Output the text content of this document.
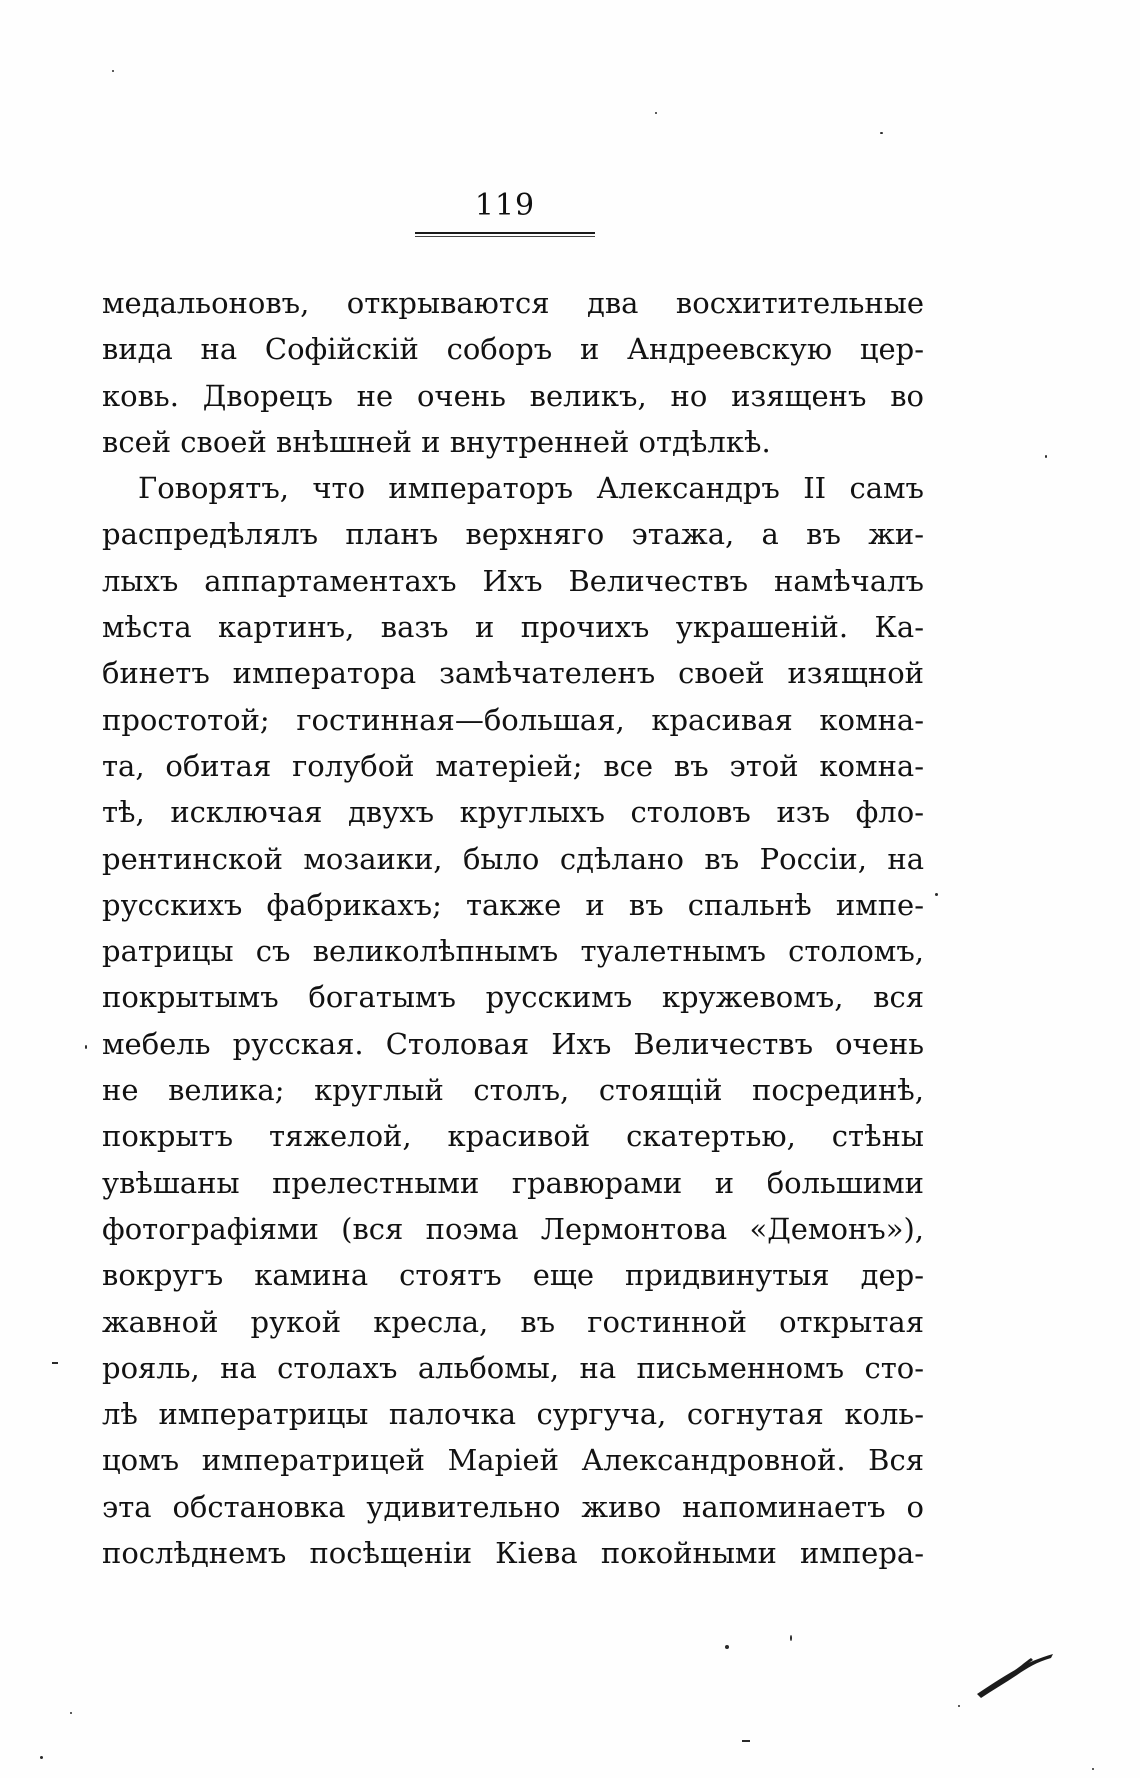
119
медальоновъ, открываются два восхитительные
вида на Софійскій соборъ и Андреевскую цер-
ковь. Дворецъ не очень великъ, но изященъ во
всей своей внѣшней и внутренней отдѣлкѣ.
Говорятъ, что императоръ Александръ II самъ
распредѣлялъ планъ верхняго этажа, а въ жи-
лыхъ аппартаментахъ Ихъ Величествъ намѣчалъ
мѣста картинъ, вазъ и прочихъ украшеній. Ка-
бинетъ императора замѣчателенъ своей изящной
простотой; гостинная—большая, красивая комна-
та, обитая голубой матеріей; все въ этой комна-
тѣ, исключая двухъ круглыхъ столовъ изъ фло-
рентинской мозаики, было сдѣлано въ Россіи, на
русскихъ фабрикахъ; также и въ спальнѣ импе-
ратрицы съ великолѣпнымъ туалетнымъ столомъ,
покрытымъ богатымъ русскимъ кружевомъ, вся
мебель русская. Столовая Ихъ Величествъ очень
не велика; круглый столъ, стоящій посрединѣ,
покрытъ тяжелой, красивой скатертью, стѣны
увѣшаны прелестными гравюрами и большими
фотографіями (вся поэма Лермонтова «Демонъ»),
вокругъ камина стоятъ еще придвинутыя дер-
жавной рукой кресла, въ гостинной открытая
рояль, на столахъ альбомы, на письменномъ сто-
лѣ императрицы палочка сургуча, согнутая коль-
цомъ императрицей Маріей Александровной. Вся
эта обстановка удивительно живо напоминаетъ о
послѣднемъ посѣщеніи Кіева покойными импера-
